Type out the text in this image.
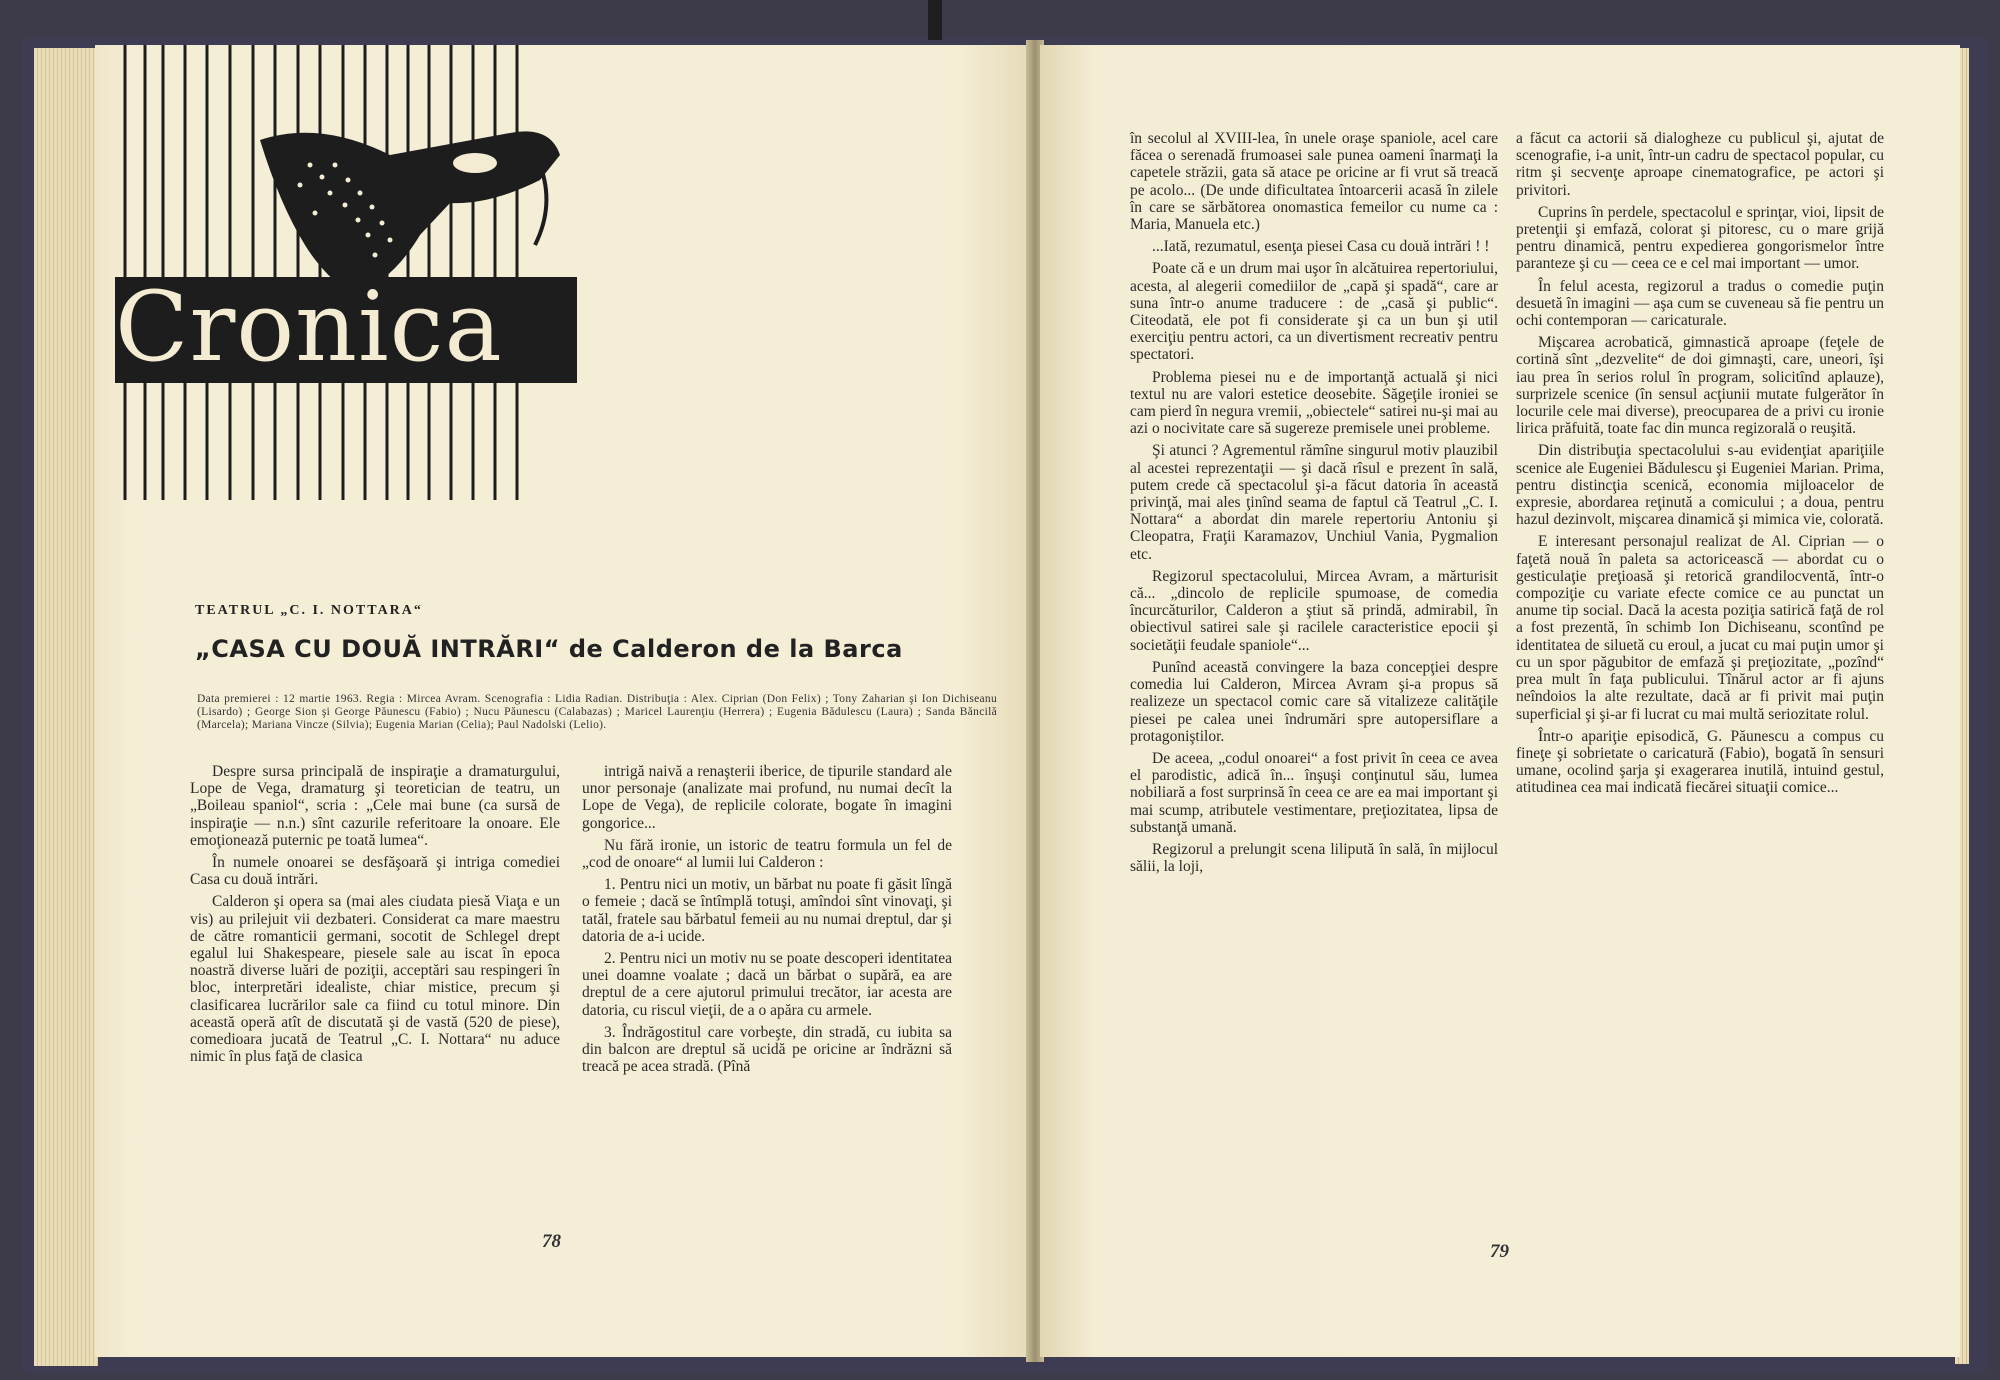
Cronica
TEATRUL „C. I. NOTTARA“
„CASA CU DOUĂ INTRĂRI“ de Calderon de la Barca
Data premierei : 12 martie 1963. Regia : Mircea Avram. Scenografia : Lidia Radian. Distribuţia : Alex. Ciprian (Don Felix) ; Tony Zaharian şi Ion Dichiseanu (Lisardo) ; George Sion şi George Păunescu (Fabio) ; Nucu Păunescu (Calabazas) ; Maricel Laurenţiu (Herrera) ; Eugenia Bădulescu (Laura) ; Sanda Băncilă (Marcela); Mariana Vincze (Silvia); Eugenia Marian (Celia); Paul Nadolski (Lelio).

Despre sursa principală de inspiraţie a dramaturgului, Lope de Vega, dramaturg şi teoretician de teatru, un „Boileau spaniol“, scria : „Cele mai bune (ca sursă de inspiraţie — n.n.) sînt cazurile referitoare la onoare. Ele emoţionează puternic pe toată lumea“.

În numele onoarei se desfăşoară şi intriga comediei Casa cu două intrări.

Calderon şi opera sa (mai ales ciudata piesă Viaţa e un vis) au prilejuit vii dezbateri. Considerat ca mare maestru de către romanticii germani, socotit de Schlegel drept egalul lui Shakespeare, piesele sale au iscat în epoca noastră diverse luări de poziţii, acceptări sau respingeri în bloc, interpretări idealiste, chiar mistice, precum şi clasificarea lucrărilor sale ca fiind cu totul minore. Din această operă atît de discutată şi de vastă (520 de piese), comedioara jucată de Teatrul „C. I. Nottara“ nu aduce nimic în plus faţă de clasica

intrigă naivă a renaşterii iberice, de tipurile standard ale unor personaje (analizate mai profund, nu numai decît la Lope de Vega), de replicile colorate, bogate în imagini gongorice...

Nu fără ironie, un istoric de teatru formula un fel de „cod de onoare“ al lumii lui Calderon :

1. Pentru nici un motiv, un bărbat nu poate fi găsit lîngă o femeie ; dacă se întîmplă totuşi, amîndoi sînt vinovaţi, şi tatăl, fratele sau bărbatul femeii au nu numai dreptul, dar şi datoria de a-i ucide.

2. Pentru nici un motiv nu se poate descoperi identitatea unei doamne voalate ; dacă un bărbat o supără, ea are dreptul de a cere ajutorul primului trecător, iar acesta are datoria, cu riscul vieţii, de a o apăra cu armele.

3. Îndrăgostitul care vorbeşte, din stradă, cu iubita sa din balcon are dreptul să ucidă pe oricine ar îndrăzni să treacă pe acea stradă. (Pînă

78

în secolul al XVIII-lea, în unele oraşe spaniole, acel care făcea o serenadă frumoasei sale punea oameni înarmaţi la capetele străzii, gata să atace pe oricine ar fi vrut să treacă pe acolo... (De unde dificultatea întoarcerii acasă în zilele în care se sărbătorea onomastica femeilor cu nume ca : Maria, Manuela etc.)

...Iată, rezumatul, esenţa piesei Casa cu două intrări ! !

Poate că e un drum mai uşor în alcătuirea repertoriului, acesta, al alegerii comediilor de „capă şi spadă“, care ar suna într-o anume traducere : de „casă şi public“. Citeodată, ele pot fi considerate şi ca un bun şi util exerciţiu pentru actori, ca un divertisment recreativ pentru spectatori.

Problema piesei nu e de importanţă actuală şi nici textul nu are valori estetice deosebite. Săgeţile ironiei se cam pierd în negura vremii, „obiectele“ satirei nu-şi mai au azi o nocivitate care să sugereze premisele unei probleme.

Şi atunci ? Agrementul rămîne singurul motiv plauzibil al acestei reprezentaţii — şi dacă rîsul e prezent în sală, putem crede că spectacolul şi-a făcut datoria în această privinţă, mai ales ţinînd seama de faptul că Teatrul „C. I. Nottara“ a abordat din marele repertoriu Antoniu şi Cleopatra, Fraţii Karamazov, Unchiul Vania, Pygmalion etc.

Regizorul spectacolului, Mircea Avram, a mărturisit că... „dincolo de replicile spumoase, de comedia încurcăturilor, Calderon a ştiut să prindă, admirabil, în obiectivul satirei sale şi racilele caracteristice epocii şi societăţii feudale spaniole“...

Punînd această convingere la baza concepţiei despre comedia lui Calderon, Mircea Avram şi-a propus să realizeze un spectacol comic care să vitalizeze calităţile piesei pe calea unei îndrumări spre autopersiflare a protagoniştilor.

De aceea, „codul onoarei“ a fost privit în ceea ce avea el parodistic, adică în... înşuşi conţinutul său, lumea nobiliară a fost surprinsă în ceea ce are ea mai important şi mai scump, atributele vestimentare, preţiozitatea, lipsa de substanţă umană.

Regizorul a prelungit scena lilipută în sală, în mijlocul sălii, la loji,

a făcut ca actorii să dialogheze cu publicul şi, ajutat de scenografie, i-a unit, într-un cadru de spectacol popular, cu ritm şi secvenţe aproape cinematografice, pe actori şi privitori.

Cuprins în perdele, spectacolul e sprinţar, vioi, lipsit de pretenţii şi emfază, colorat şi pitoresc, cu o mare grijă pentru dinamică, pentru expedierea gongorismelor între paranteze şi cu — ceea ce e cel mai important — umor.

În felul acesta, regizorul a tradus o comedie puţin desuetă în imagini — aşa cum se cuveneau să fie pentru un ochi contemporan — caricaturale.

Mişcarea acrobatică, gimnastică aproape (feţele de cortină sînt „dezvelite“ de doi gimnaşti, care, uneori, îşi iau prea în serios rolul în program, solicitînd aplauze), surprizele scenice (în sensul acţiunii mutate fulgerător în locurile cele mai diverse), preocuparea de a privi cu ironie lirica prăfuită, toate fac din munca regizorală o reuşită.

Din distribuţia spectacolului s-au evidenţiat apariţiile scenice ale Eugeniei Bădulescu şi Eugeniei Marian. Prima, pentru distincţia scenică, economia mijloacelor de expresie, abordarea reţinută a comicului ; a doua, pentru hazul dezinvolt, mişcarea dinamică şi mimica vie, colorată.

E interesant personajul realizat de Al. Ciprian — o faţetă nouă în paleta sa actoricească — abordat cu o gesticulaţie preţioasă şi retorică grandilocventă, într-o compoziţie cu variate efecte comice ce au punctat un anume tip social. Dacă la acesta poziţia satirică faţă de rol a fost prezentă, în schimb Ion Dichiseanu, scontînd pe identitatea de siluetă cu eroul, a jucat cu mai puţin umor şi cu un spor păgubitor de emfază şi preţiozitate, „pozînd“ prea mult în faţa publicului. Tînărul actor ar fi ajuns neîndoios la alte rezultate, dacă ar fi privit mai puţin superficial şi şi-ar fi lucrat cu mai multă seriozitate rolul.

Într-o apariţie episodică, G. Păunescu a compus cu fineţe şi sobrietate o caricatură (Fabio), bogată în sensuri umane, ocolind şarja şi exagerarea inutilă, intuind gestul, atitudinea cea mai indicată fiecărei situaţii comice...

79
